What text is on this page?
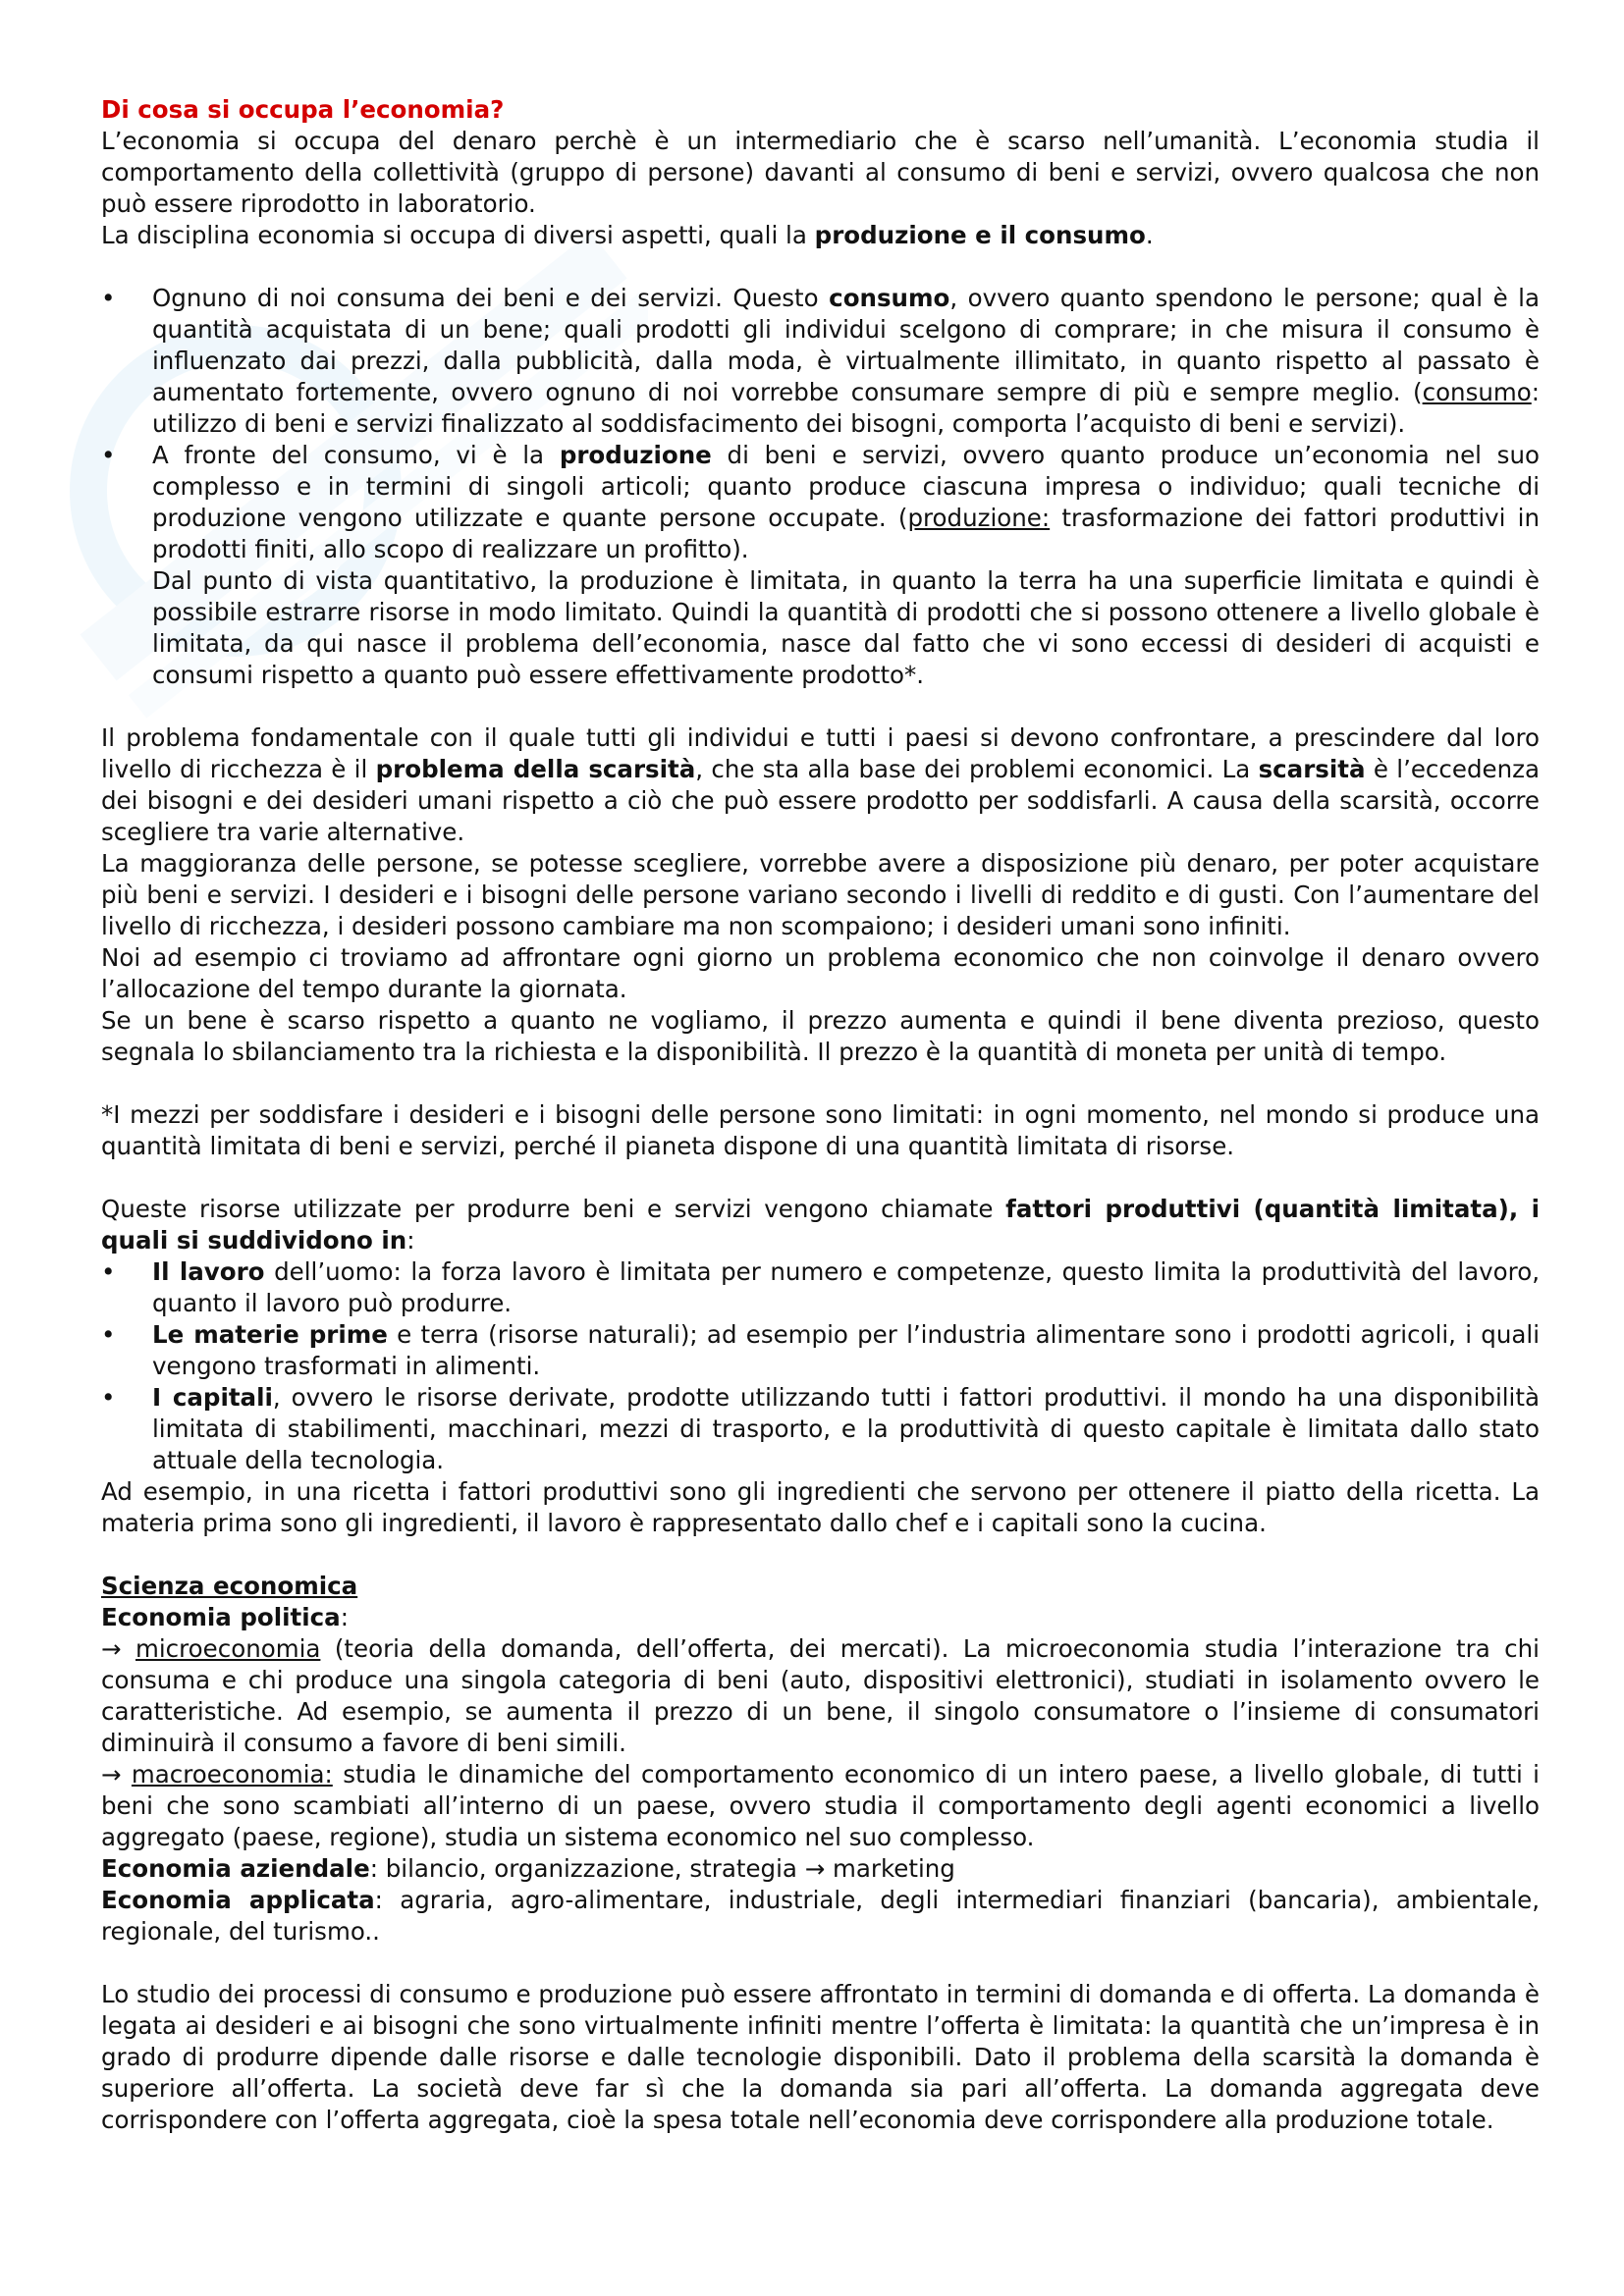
Di cosa si occupa l’economia?

L’economia si occupa del denaro perchè è un intermediario che è scarso nell’umanità. L’economia studia il comportamento della collettività (gruppo di persone) davanti al consumo di beni e servizi, ovvero qualcosa che non può essere riprodotto in laboratorio.

La disciplina economia si occupa di diversi aspetti, quali la produzione e il consumo.

•
Ognuno di noi consuma dei beni e dei servizi. Questo consumo, ovvero quanto spendono le persone; qual è la quantità acquistata di un bene; quali prodotti gli individui scelgono di comprare; in che misura il consumo è influenzato dai prezzi, dalla pubblicità, dalla moda, è virtualmente illimitato, in quanto rispetto al passato è aumentato fortemente, ovvero ognuno di noi vorrebbe consumare sempre di più e sempre meglio. (consumo: utilizzo di beni e servizi finalizzato al soddisfacimento dei bisogni, comporta l’acquisto di beni e servizi).
•
A fronte del consumo, vi è la produzione di beni e servizi, ovvero quanto produce un’economia nel suo complesso e in termini di singoli articoli; quanto produce ciascuna impresa o individuo; quali tecniche di produzione vengono utilizzate e quante persone occupate. (produzione: trasformazione dei fattori produttivi in prodotti finiti, allo scopo di realizzare un profitto).

Dal punto di vista quantitativo, la produzione è limitata, in quanto la terra ha una superficie limitata e quindi è possibile estrarre risorse in modo limitato. Quindi la quantità di prodotti che si possono ottenere a livello globale è limitata, da qui nasce il problema dell’economia, nasce dal fatto che vi sono eccessi di desideri di acquisti e consumi rispetto a quanto può essere effettivamente prodotto*.

Il problema fondamentale con il quale tutti gli individui e tutti i paesi si devono confrontare, a prescindere dal loro livello di ricchezza è il problema della scarsità, che sta alla base dei problemi economici. La scarsità è l’eccedenza dei bisogni e dei desideri umani rispetto a ciò che può essere prodotto per soddisfarli. A causa della scarsità, occorre scegliere tra varie alternative.

La maggioranza delle persone, se potesse scegliere, vorrebbe avere a disposizione più denaro, per poter acquistare più beni e servizi. I desideri e i bisogni delle persone variano secondo i livelli di reddito e di gusti. Con l’aumentare del livello di ricchezza, i desideri possono cambiare ma non scompaiono; i desideri umani sono infiniti.

Noi ad esempio ci troviamo ad affrontare ogni giorno un problema economico che non coinvolge il denaro ovvero l’allocazione del tempo durante la giornata.

Se un bene è scarso rispetto a quanto ne vogliamo, il prezzo aumenta e quindi il bene diventa prezioso, questo segnala lo sbilanciamento tra la richiesta e la disponibilità. Il prezzo è la quantità di moneta per unità di tempo.

*I mezzi per soddisfare i desideri e i bisogni delle persone sono limitati: in ogni momento, nel mondo si produce una quantità limitata di beni e servizi, perché il pianeta dispone di una quantità limitata di risorse.

Queste risorse utilizzate per produrre beni e servizi vengono chiamate fattori produttivi (quantità limitata), i quali si suddividono in:

•
Il lavoro dell’uomo: la forza lavoro è limitata per numero e competenze, questo limita la produttività del lavoro, quanto il lavoro può produrre.
•
Le materie prime e terra (risorse naturali); ad esempio per l’industria alimentare sono i prodotti agricoli, i quali vengono trasformati in alimenti.
•
I capitali, ovvero le risorse derivate, prodotte utilizzando tutti i fattori produttivi. il mondo ha una disponibilità limitata di stabilimenti, macchinari, mezzi di trasporto, e la produttività di questo capitale è limitata dallo stato attuale della tecnologia.

Ad esempio, in una ricetta i fattori produttivi sono gli ingredienti che servono per ottenere il piatto della ricetta. La materia prima sono gli ingredienti, il lavoro è rappresentato dallo chef e i capitali sono la cucina.

Scienza economica

Economia politica:

→ microeconomia (teoria della domanda, dell’offerta, dei mercati). La microeconomia studia l’interazione tra chi consuma e chi produce una singola categoria di beni (auto, dispositivi elettronici), studiati in isolamento ovvero le caratteristiche. Ad esempio, se aumenta il prezzo di un bene, il singolo consumatore o l’insieme di consumatori diminuirà il consumo a favore di beni simili.

→ macroeconomia: studia le dinamiche del comportamento economico di un intero paese, a livello globale, di tutti i beni che sono scambiati all’interno di un paese, ovvero studia il comportamento degli agenti economici a livello aggregato (paese, regione), studia un sistema economico nel suo complesso.

Economia aziendale: bilancio, organizzazione, strategia → marketing

Economia applicata: agraria, agro-alimentare, industriale, degli intermediari finanziari (bancaria), ambientale, regionale, del turismo..

Lo studio dei processi di consumo e produzione può essere affrontato in termini di domanda e di offerta. La domanda è legata ai desideri e ai bisogni che sono virtualmente infiniti mentre l’offerta è limitata: la quantità che un’impresa è in grado di produrre dipende dalle risorse e dalle tecnologie disponibili. Dato il problema della scarsità la domanda è superiore all’offerta. La società deve far sì che la domanda sia pari all’offerta. La domanda aggregata deve corrispondere con l’offerta aggregata, cioè la spesa totale nell’economia deve corrispondere alla produzione totale.
